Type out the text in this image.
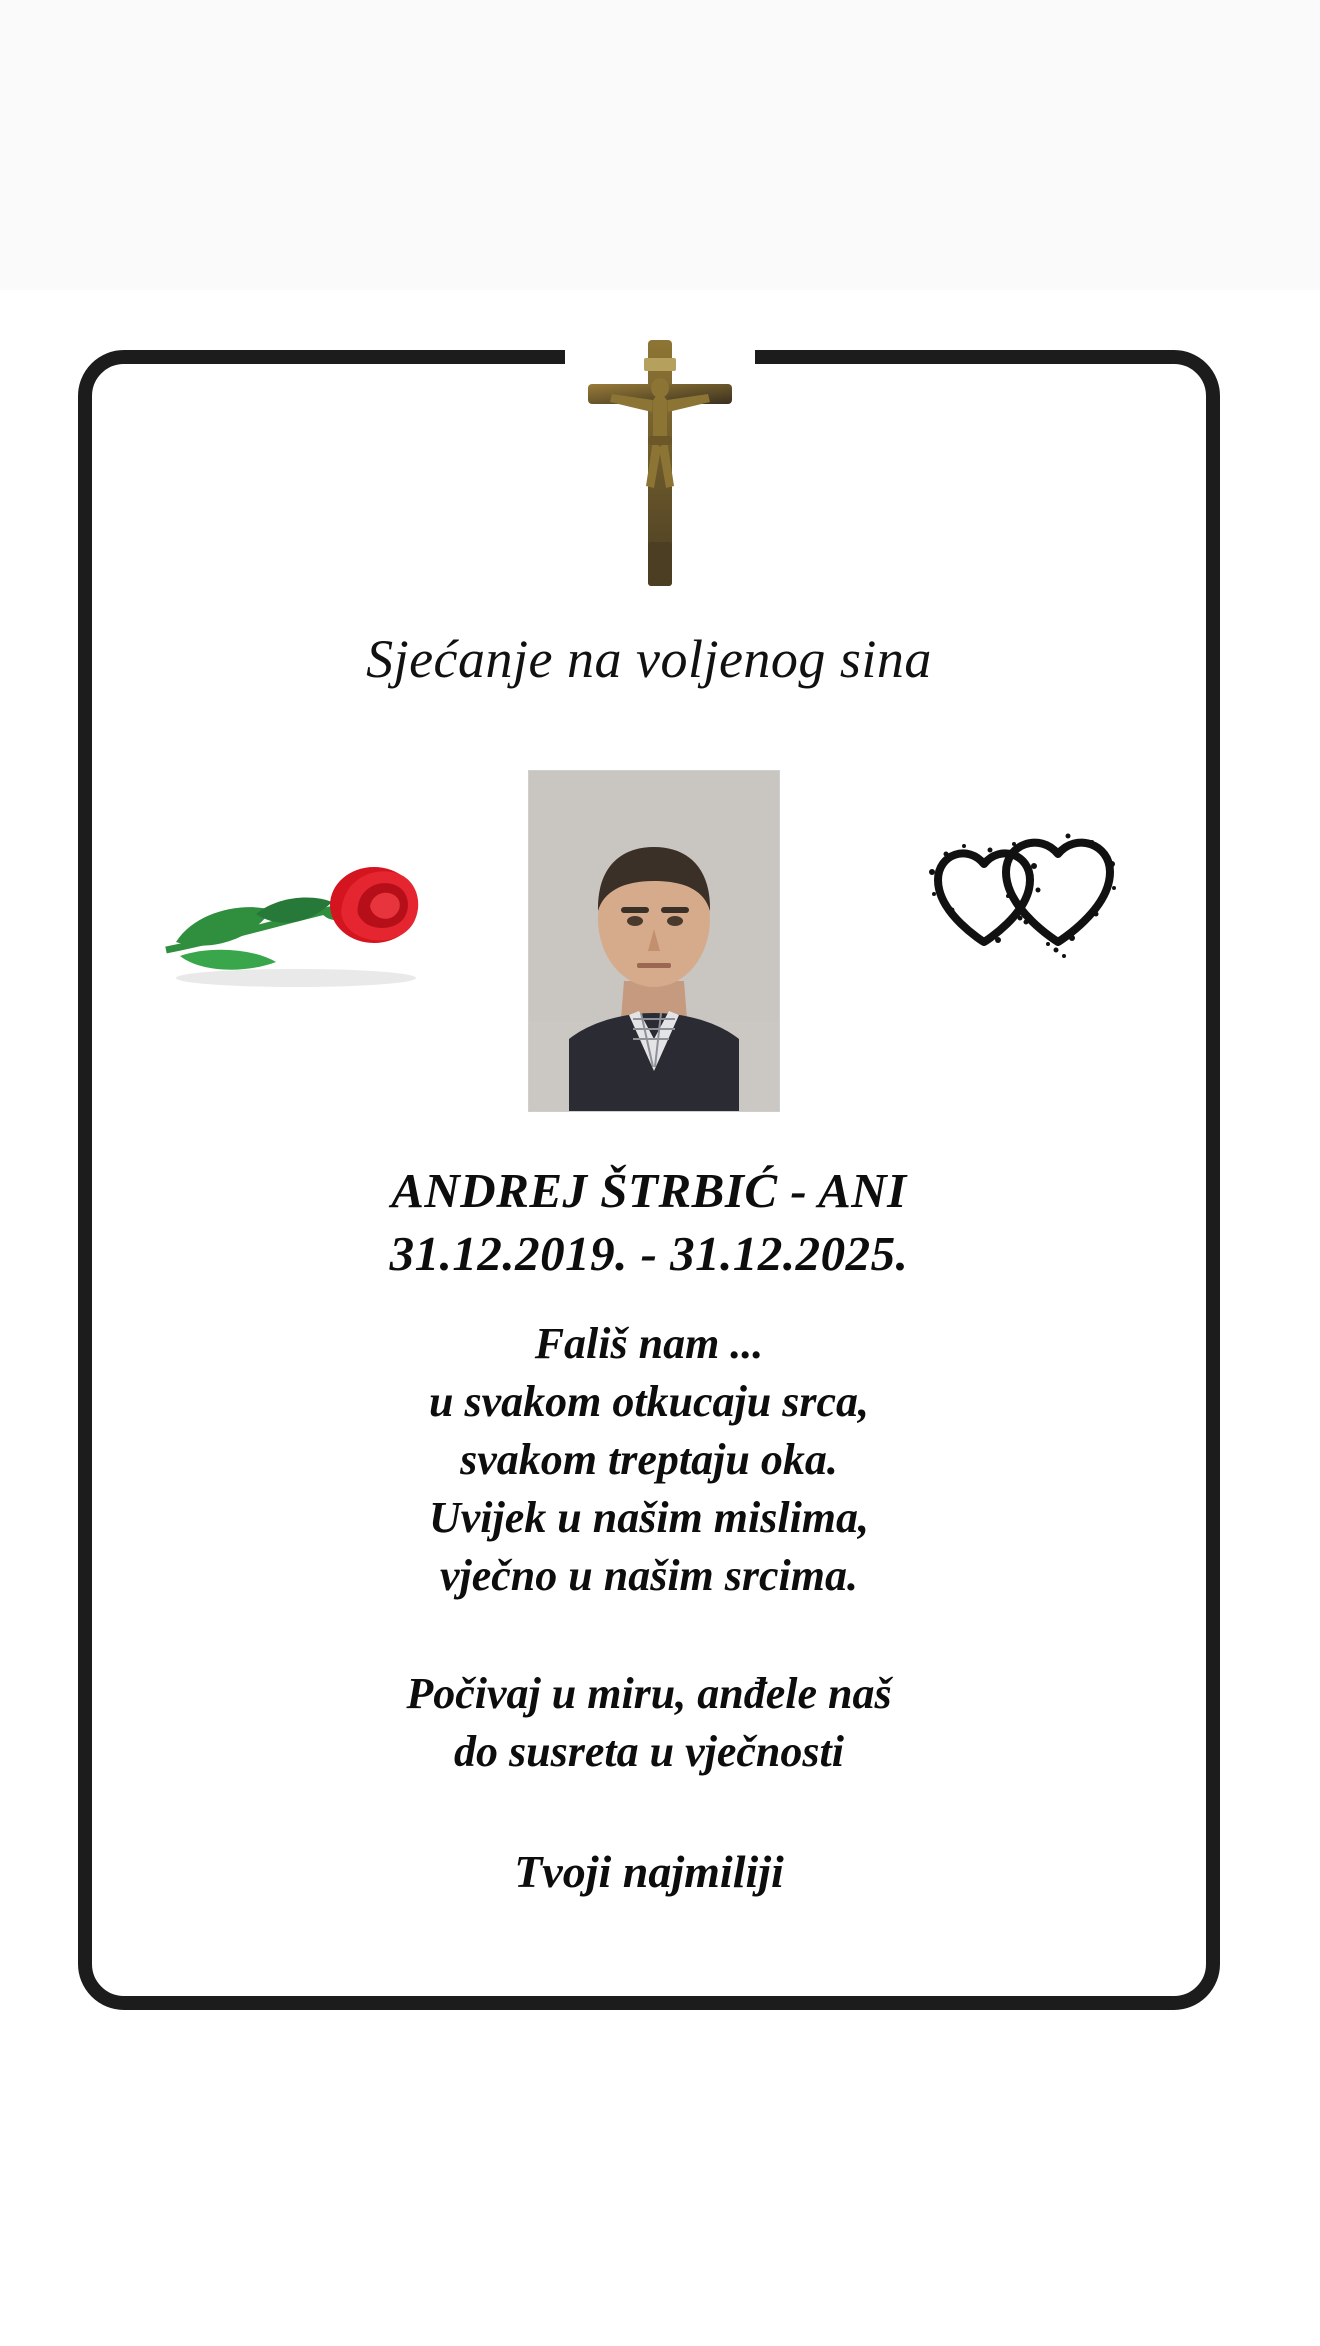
Sjećanje na voljenog sina
ANDREJ ŠTRBIĆ - ANI
31.12.2019. - 31.12.2025.
Fališ nam ...
u svakom otkucaju srca,
svakom treptaju oka.
Uvijek u našim mislima,
vječno u našim srcima.
Počivaj u miru, anđele naš
do susreta u vječnosti
Tvoji najmiliji
